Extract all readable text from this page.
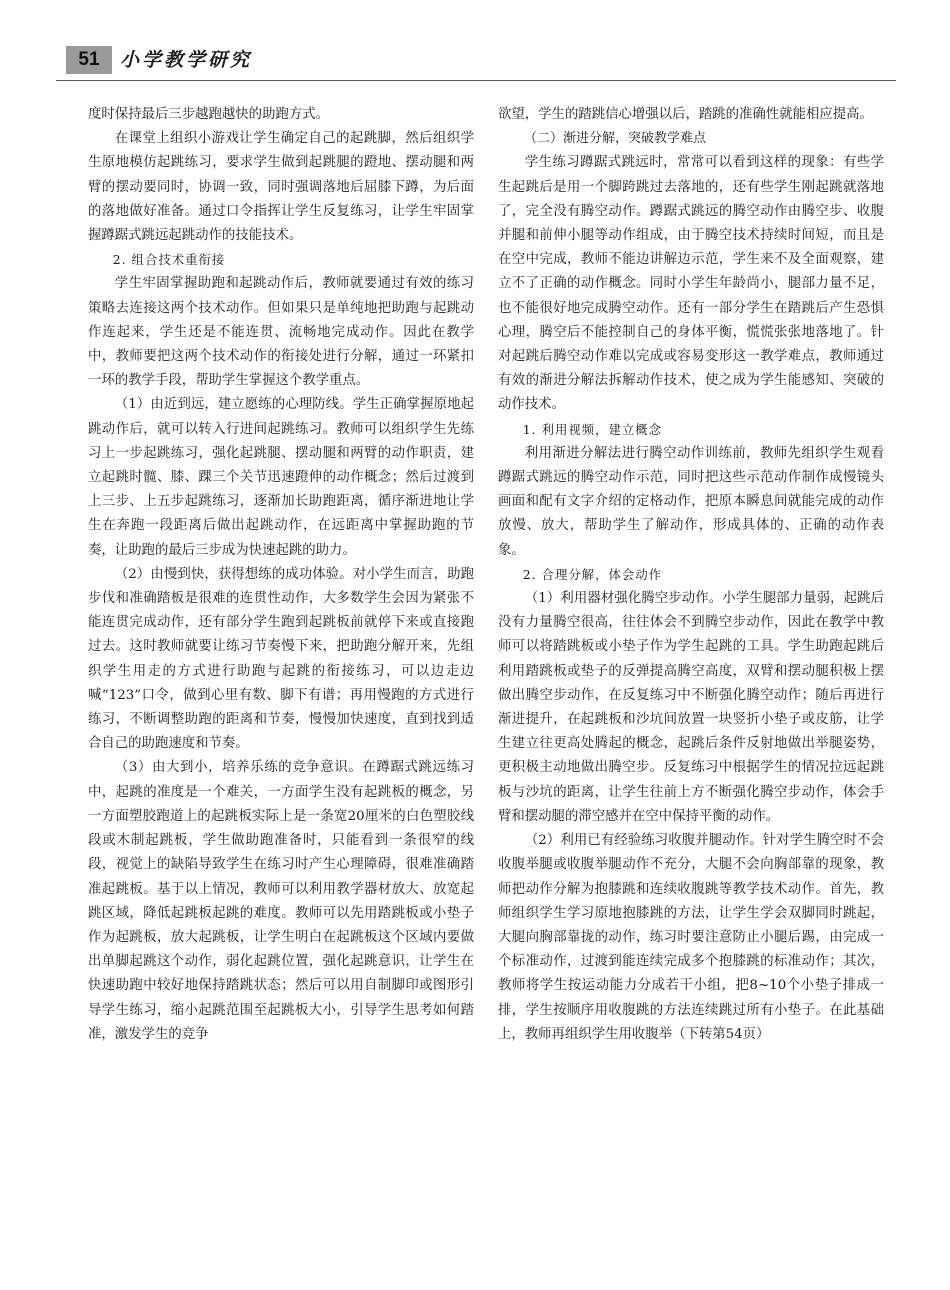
51	小学教学研究

度时保持最后三步越跑越快的助跑方式。

在课堂上组织小游戏让学生确定自己的起跳脚，然后组织学生原地模仿起跳练习，要求学生做到起跳腿的蹬地、摆动腿和两臂的摆动要同时，协调一致，同时强调落地后屈膝下蹲，为后面的落地做好准备。通过口令指挥让学生反复练习，让学生牢固掌握蹲踞式跳远起跳动作的技能技术。

2. 组合技术重衔接

学生牢固掌握助跑和起跳动作后，教师就要通过有效的练习策略去连接这两个技术动作。但如果只是单纯地把助跑与起跳动作连起来，学生还是不能连贯、流畅地完成动作。因此在教学中，教师要把这两个技术动作的衔接处进行分解，通过一环紧扣一环的教学手段，帮助学生掌握这个教学重点。

（1）由近到远，建立愿练的心理防线。学生正确掌握原地起跳动作后，就可以转入行进间起跳练习。教师可以组织学生先练习上一步起跳练习，强化起跳腿、摆动腿和两臂的动作职责，建立起跳时髋、膝、踝三个关节迅速蹬伸的动作概念；然后过渡到上三步、上五步起跳练习，逐渐加长助跑距离，循序渐进地让学生在奔跑一段距离后做出起跳动作，在远距离中掌握助跑的节奏，让助跑的最后三步成为快速起跳的助力。

（2）由慢到快，获得想练的成功体验。对小学生而言，助跑步伐和准确踏板是很难的连贯性动作，大多数学生会因为紧张不能连贯完成动作，还有部分学生跑到起跳板前就停下来或直接跑过去。这时教师就要让练习节奏慢下来，把助跑分解开来，先组织学生用走的方式进行助跑与起跳的衔接练习，可以边走边喊“123”口令，做到心里有数、脚下有谱；再用慢跑的方式进行练习，不断调整助跑的距离和节奏，慢慢加快速度，直到找到适合自己的助跑速度和节奏。

（3）由大到小，培养乐练的竞争意识。在蹲踞式跳远练习中，起跳的准度是一个难关，一方面学生没有起跳板的概念，另一方面塑胶跑道上的起跳板实际上是一条宽20厘米的白色塑胶线段或木制起跳板，学生做助跑准备时，只能看到一条很窄的线段，视觉上的缺陷导致学生在练习时产生心理障碍，很难准确踏准起跳板。基于以上情况，教师可以利用教学器材放大、放宽起跳区域，降低起跳板起跳的难度。教师可以先用踏跳板或小垫子作为起跳板，放大起跳板，让学生明白在起跳板这个区域内要做出单脚起跳这个动作，弱化起跳位置，强化起跳意识，让学生在快速助跑中较好地保持踏跳状态；然后可以用自制脚印或图形引导学生练习，缩小起跳范围至起跳板大小，引导学生思考如何踏准，激发学生的竞争

欲望，学生的踏跳信心增强以后，踏跳的准确性就能相应提高。

（二）渐进分解，突破教学难点

学生练习蹲踞式跳远时，常常可以看到这样的现象：有些学生起跳后是用一个脚跨跳过去落地的，还有些学生刚起跳就落地了，完全没有腾空动作。蹲踞式跳远的腾空动作由腾空步、收腹并腿和前伸小腿等动作组成，由于腾空技术持续时间短，而且是在空中完成，教师不能边讲解边示范，学生来不及全面观察，建立不了正确的动作概念。同时小学生年龄尚小，腿部力量不足，也不能很好地完成腾空动作。还有一部分学生在踏跳后产生恐惧心理，腾空后不能控制自己的身体平衡，慌慌张张地落地了。针对起跳后腾空动作难以完成或容易变形这一教学难点，教师通过有效的渐进分解法拆解动作技术，使之成为学生能感知、突破的动作技术。

1. 利用视频，建立概念

利用渐进分解法进行腾空动作训练前，教师先组织学生观看蹲踞式跳远的腾空动作示范，同时把这些示范动作制作成慢镜头画面和配有文字介绍的定格动作，把原本瞬息间就能完成的动作放慢、放大，帮助学生了解动作，形成具体的、正确的动作表象。

2. 合理分解，体会动作

（1）利用器材强化腾空步动作。小学生腿部力量弱，起跳后没有力量腾空很高，往往体会不到腾空步动作，因此在教学中教师可以将踏跳板或小垫子作为学生起跳的工具。学生助跑起跳后利用踏跳板或垫子的反弹提高腾空高度，双臂和摆动腿积极上摆做出腾空步动作，在反复练习中不断强化腾空动作；随后再进行渐进提升，在起跳板和沙坑间放置一块竖折小垫子或皮筋，让学生建立往更高处腾起的概念，起跳后条件反射地做出举腿姿势，更积极主动地做出腾空步。反复练习中根据学生的情况拉远起跳板与沙坑的距离，让学生往前上方不断强化腾空步动作，体会手臂和摆动腿的滞空感并在空中保持平衡的动作。

（2）利用已有经验练习收腹并腿动作。针对学生腾空时不会收腹举腿或收腹举腿动作不充分，大腿不会向胸部靠的现象，教师把动作分解为抱膝跳和连续收腹跳等教学技术动作。首先，教师组织学生学习原地抱膝跳的方法，让学生学会双脚同时跳起，大腿向胸部靠拢的动作，练习时要注意防止小腿后踢，由完成一个标准动作，过渡到能连续完成多个抱膝跳的标准动作；其次，教师将学生按运动能力分成若干小组，把8~10个小垫子排成一排，学生按顺序用收腹跳的方法连续跳过所有小垫子。在此基础上，教师再组织学生用收腹举（下转第54页）
